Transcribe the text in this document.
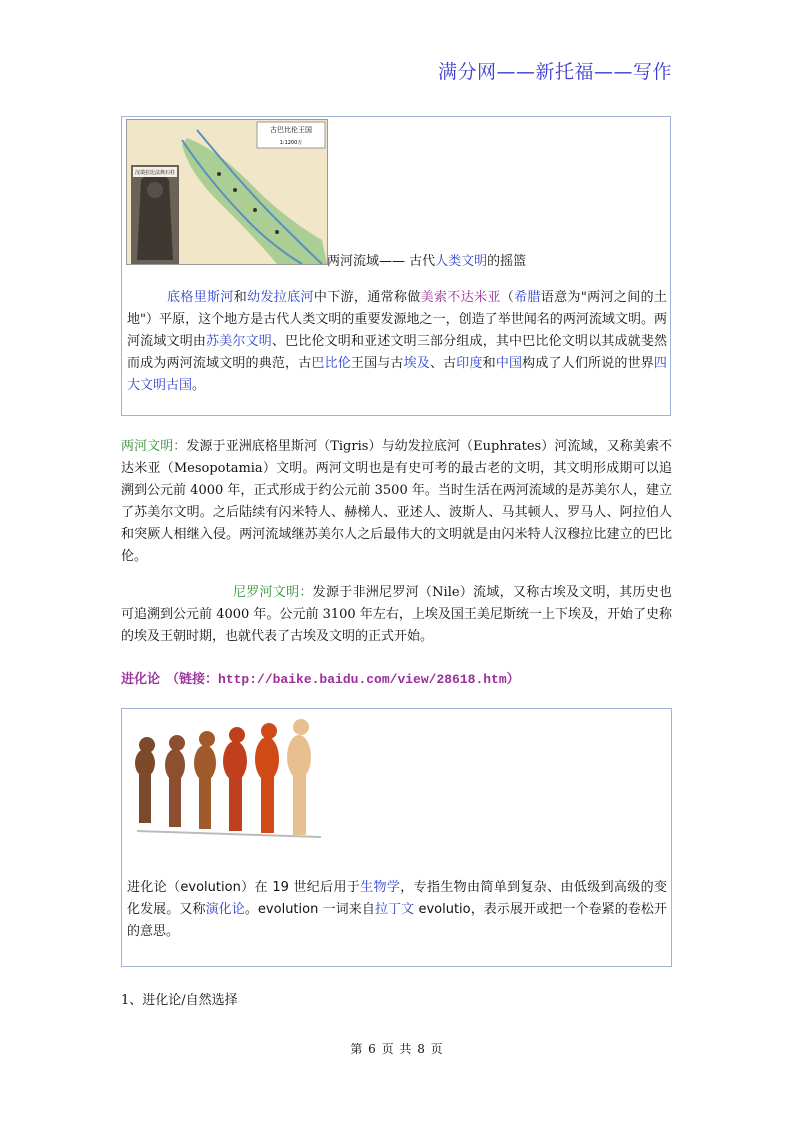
满分网——新托福——写作
古巴比伦王国
1:1200万
汉谟拉比法典石柱
两河流域—— 古代人类文明的摇篮
底格里斯河和幼发拉底河中下游，通常称做美索不达米亚（希腊语意为"两河之间的土地"）平原，这个地方是古代人类文明的重要发源地之一，创造了举世闻名的两河流域文明。两河流域文明由苏美尔文明、巴比伦文明和亚述文明三部分组成，其中巴比伦文明以其成就斐然而成为两河流域文明的典范，古巴比伦王国与古埃及、古印度和中国构成了人们所说的世界四大文明古国。
两河文明：发源于亚洲底格里斯河（Tigris）与幼发拉底河（Euphrates）河流域，又称美索不达米亚（Mesopotamia）文明。两河文明也是有史可考的最古老的文明，其文明形成期可以追溯到公元前 4000 年，正式形成于约公元前 3500 年。当时生活在两河流域的是苏美尔人，建立了苏美尔文明。之后陆续有闪米特人、赫梯人、亚述人、波斯人、马其顿人、罗马人、阿拉伯人和突厥人相继入侵。两河流域继苏美尔人之后最伟大的文明就是由闪米特人汉穆拉比建立的巴比伦。
尼罗河文明：发源于非洲尼罗河（Nile）流域，又称古埃及文明，其历史也可追溯到公元前 4000 年。公元前 3100 年左右，上埃及国王美尼斯统一上下埃及，开始了史称的埃及王朝时期，也就代表了古埃及文明的正式开始。
进化论 （链接：http://baike.baidu.com/view/28618.htm）
进化论（evolution）在 19 世纪后用于生物学，专指生物由简单到复杂、由低级到高级的变化发展。又称演化论。evolution 一词来自拉丁文 evolutio，表示展开或把一个卷紧的卷松开的意思。
1、进化论/自然选择
第 6 页 共 8 页
